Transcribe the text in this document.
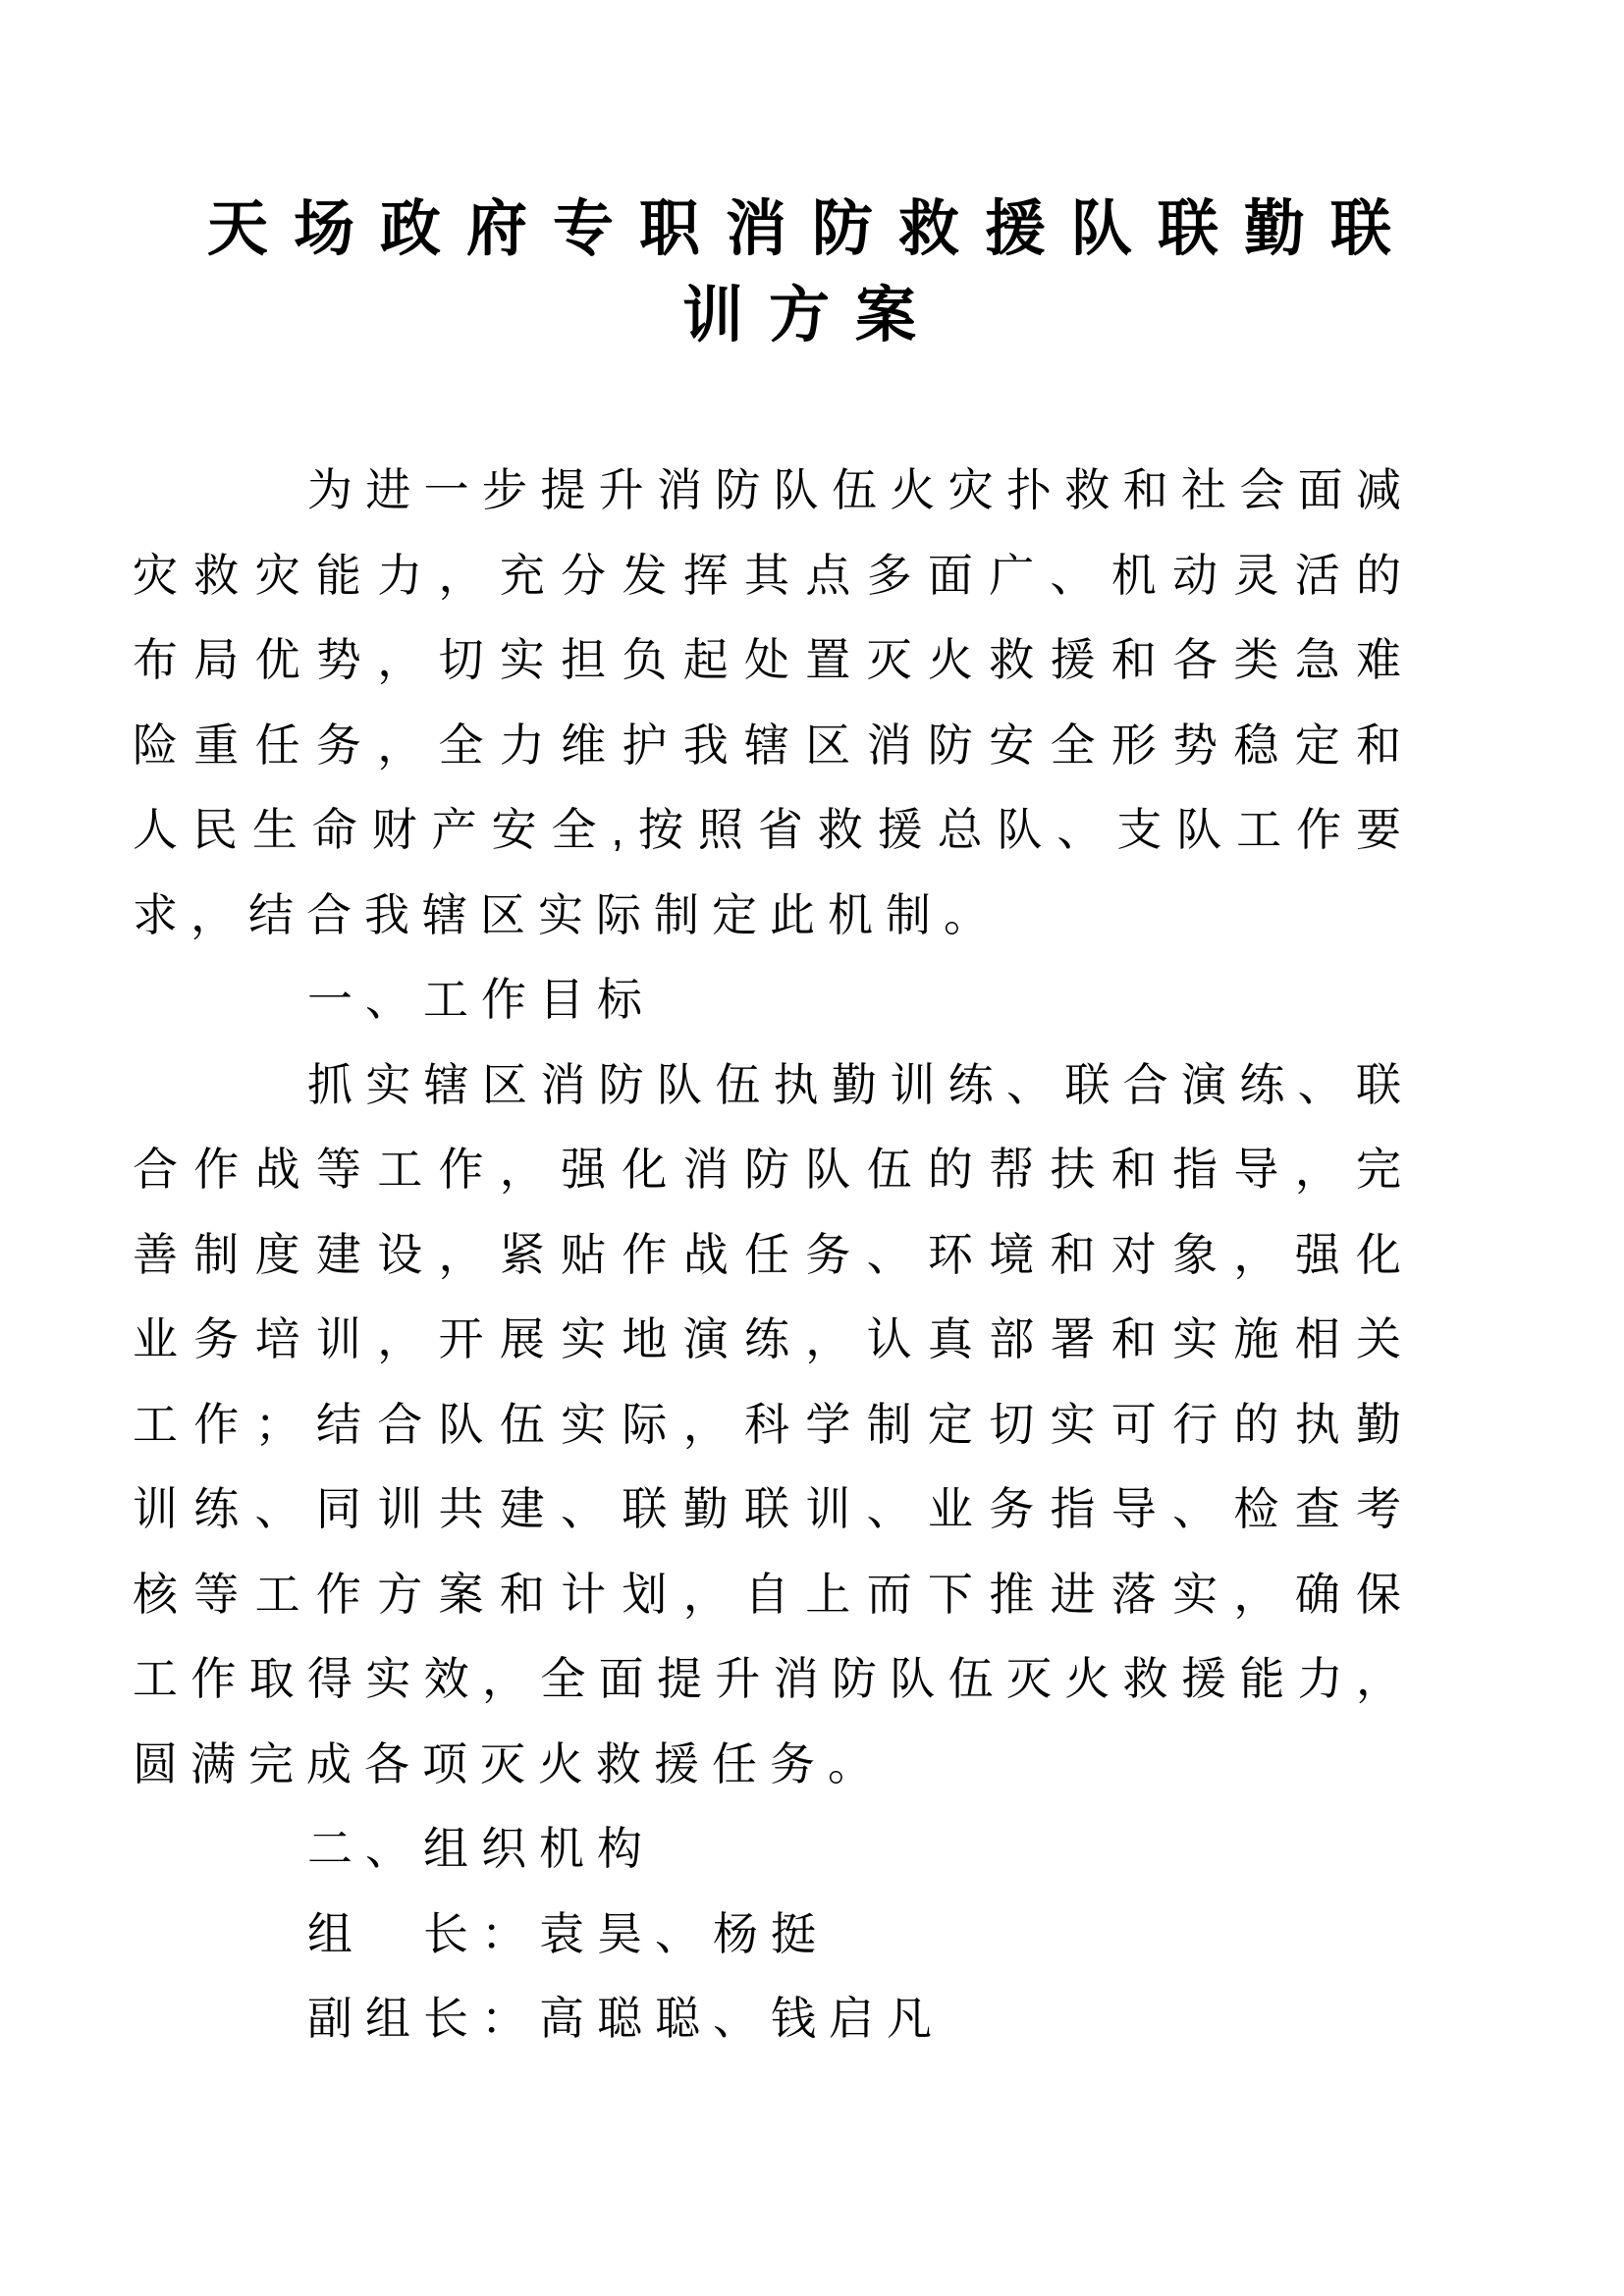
天场政府专职消防救援队联勤联
训方案
为进一步提升消防队伍火灾扑救和社会面减
灾救灾能力，充分发挥其点多面广、机动灵活的
布局优势，切实担负起处置灭火救援和各类急难
险重任务，全力维护我辖区消防安全形势稳定和
人民生命财产安全,按照省救援总队、支队工作要
求，结合我辖区实际制定此机制。
一、工作目标
抓实辖区消防队伍执勤训练、联合演练、联
合作战等工作，强化消防队伍的帮扶和指导，完
善制度建设，紧贴作战任务、环境和对象，强化
业务培训，开展实地演练，认真部署和实施相关
工作；结合队伍实际，科学制定切实可行的执勤
训练、同训共建、联勤联训、业务指导、检查考
核等工作方案和计划，自上而下推进落实，确保
工作取得实效，全面提升消防队伍灭火救援能力，
圆满完成各项灭火救援任务。
二、组织机构
组　长：袁昊、杨挺
副组长：高聪聪、钱启凡
